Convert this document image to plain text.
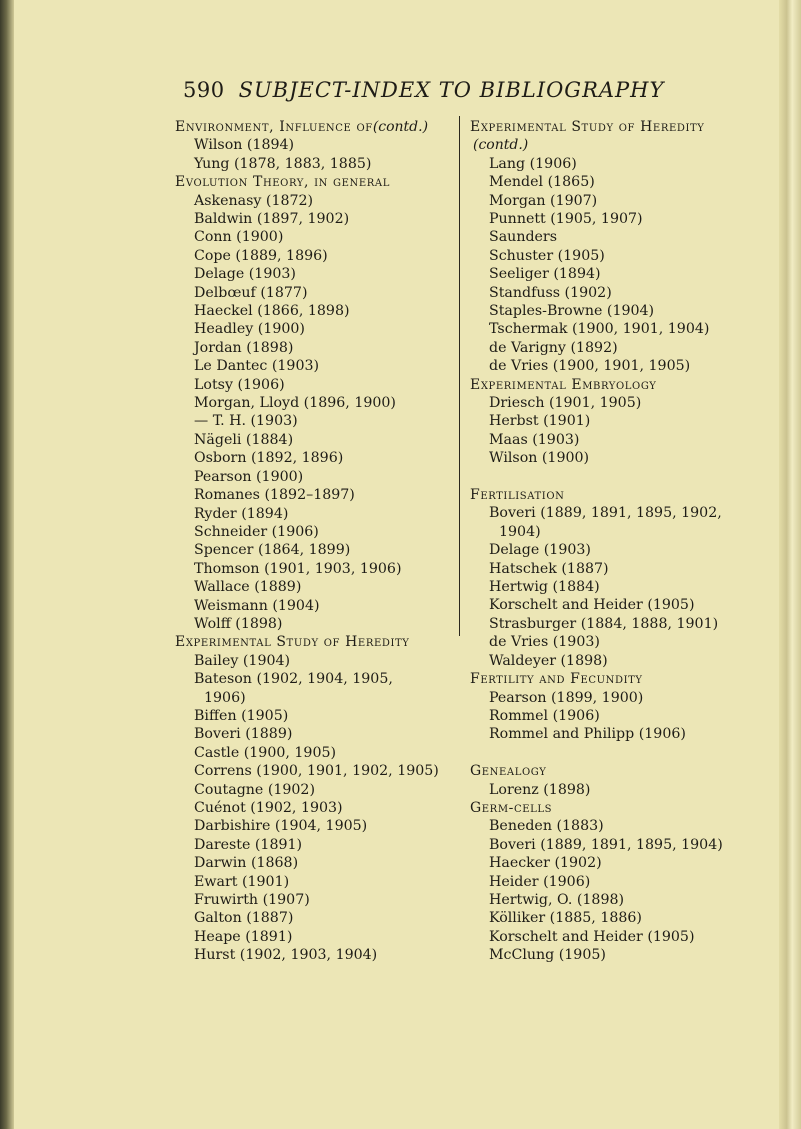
590 SUBJECT-INDEX TO BIBLIOGRAPHY
Environment, Influence of(contd.)
Wilson (1894)
Yung (1878, 1883, 1885)
Evolution Theory, in general
Askenasy (1872)
Baldwin (1897, 1902)
Conn (1900)
Cope (1889, 1896)
Delage (1903)
Delbœuf (1877)
Haeckel (1866, 1898)
Headley (1900)
Jordan (1898)
Le Dantec (1903)
Lotsy (1906)
Morgan, Lloyd (1896, 1900)
— T. H. (1903)
Nägeli (1884)
Osborn (1892, 1896)
Pearson (1900)
Romanes (1892–1897)
Ryder (1894)
Schneider (1906)
Spencer (1864, 1899)
Thomson (1901, 1903, 1906)
Wallace (1889)
Weismann (1904)
Wolff (1898)
Experimental Study of Heredity
Bailey (1904)
Bateson (1902, 1904, 1905,
1906)
Biffen (1905)
Boveri (1889)
Castle (1900, 1905)
Correns (1900, 1901, 1902, 1905)
Coutagne (1902)
Cuénot (1902, 1903)
Darbishire (1904, 1905)
Dareste (1891)
Darwin (1868)
Ewart (1901)
Fruwirth (1907)
Galton (1887)
Heape (1891)
Hurst (1902, 1903, 1904)
Experimental Study of Heredity
(contd.)
Lang (1906)
Mendel (1865)
Morgan (1907)
Punnett (1905, 1907)
Saunders
Schuster (1905)
Seeliger (1894)
Standfuss (1902)
Staples-Browne (1904)
Tschermak (1900, 1901, 1904)
de Varigny (1892)
de Vries (1900, 1901, 1905)
Experimental Embryology
Driesch (1901, 1905)
Herbst (1901)
Maas (1903)
Wilson (1900)
Fertilisation
Boveri (1889, 1891, 1895, 1902,
1904)
Delage (1903)
Hatschek (1887)
Hertwig (1884)
Korschelt and Heider (1905)
Strasburger (1884, 1888, 1901)
de Vries (1903)
Waldeyer (1898)
Fertility and Fecundity
Pearson (1899, 1900)
Rommel (1906)
Rommel and Philipp (1906)
Genealogy
Lorenz (1898)
Germ-cells
Beneden (1883)
Boveri (1889, 1891, 1895, 1904)
Haecker (1902)
Heider (1906)
Hertwig, O. (1898)
Kölliker (1885, 1886)
Korschelt and Heider (1905)
McClung (1905)
